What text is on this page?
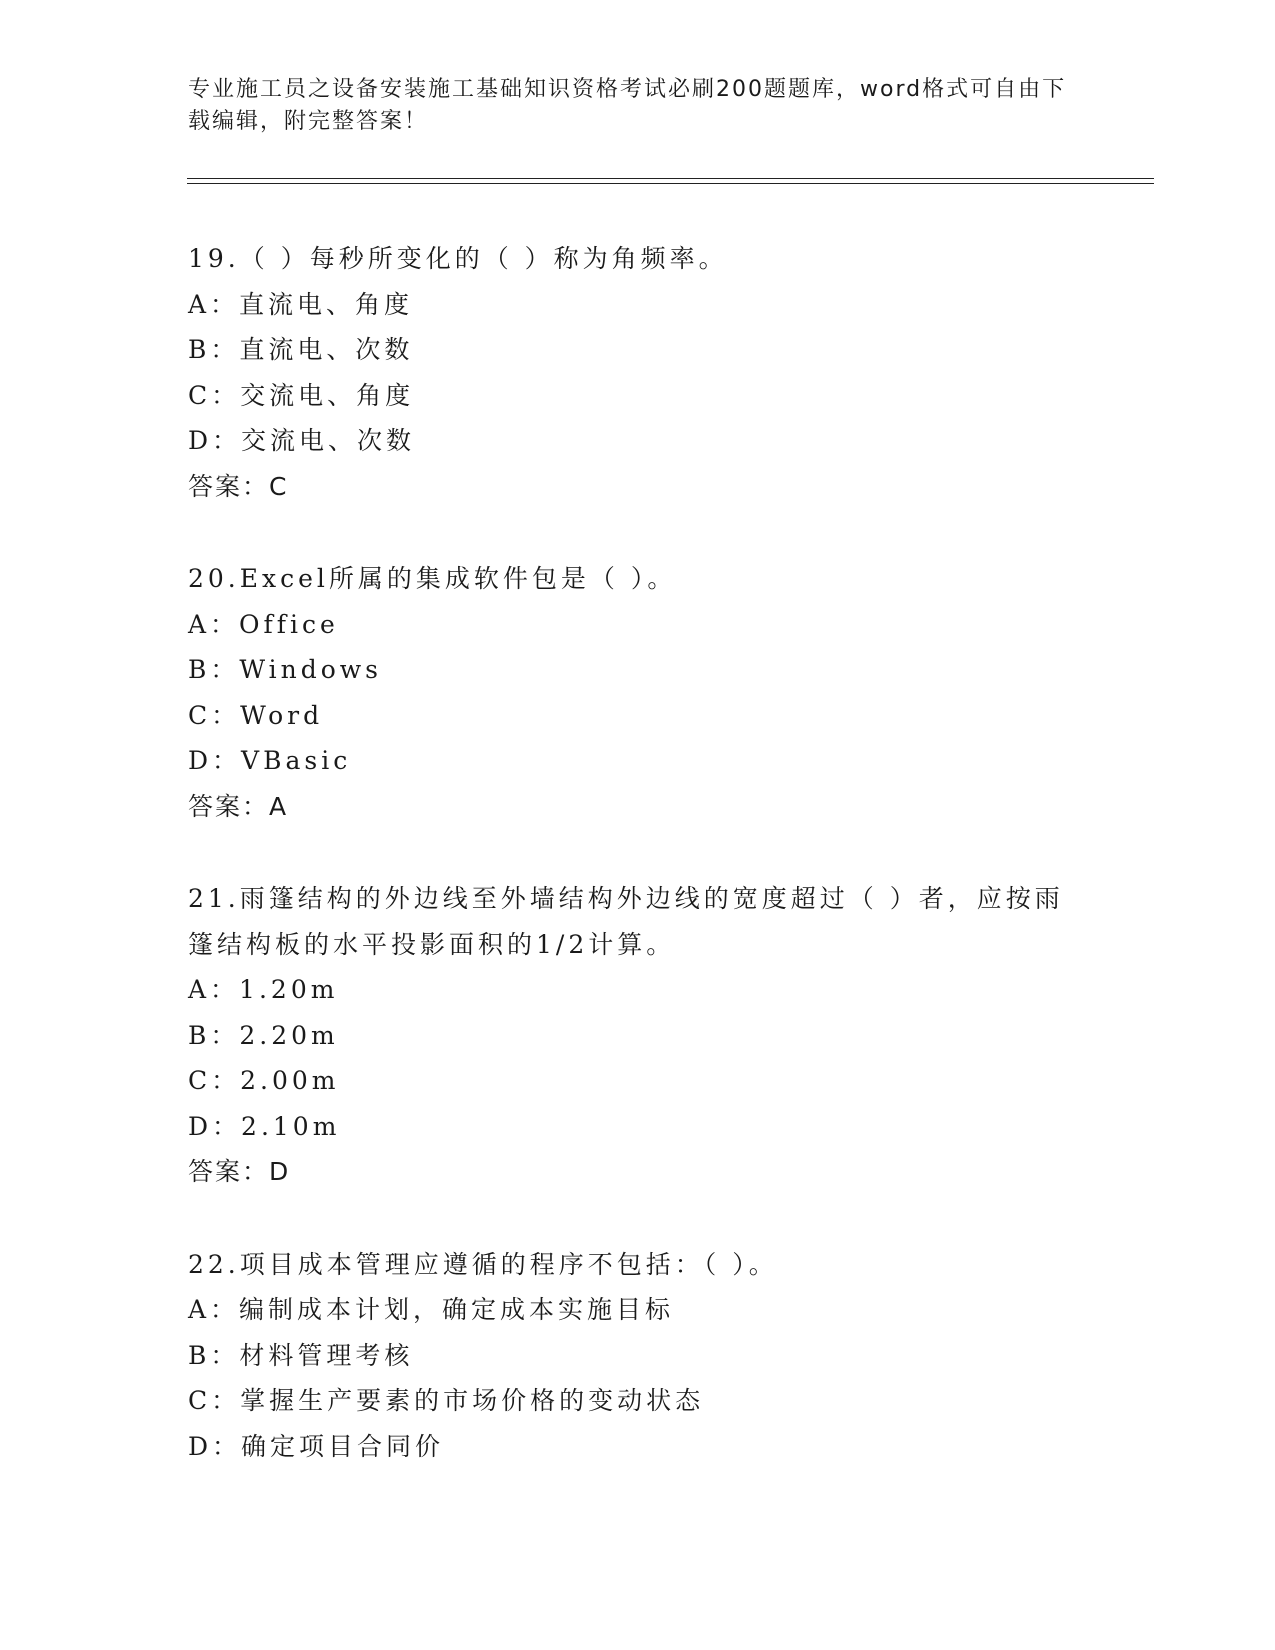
专业施工员之设备安装施工基础知识资格考试必刷200题题库，word格式可自由下载编辑，附完整答案！

19.（ ）每秒所变化的（ ）称为角频率。

A：直流电、角度

B：直流电、次数

C：交流电、角度

D：交流电、次数

答案：C

20.Excel所属的集成软件包是（ ）。

A：Office

B：Windows

C：Word

D：VBasic

答案：A

21.雨篷结构的外边线至外墙结构外边线的宽度超过（ ）者，应按雨篷结构板的水平投影面积的1/2计算。

A：1.20m

B：2.20m

C：2.00m

D：2.10m

答案：D

22.项目成本管理应遵循的程序不包括：（ ）。

A：编制成本计划，确定成本实施目标

B：材料管理考核

C：掌握生产要素的市场价格的变动状态

D：确定项目合同价
